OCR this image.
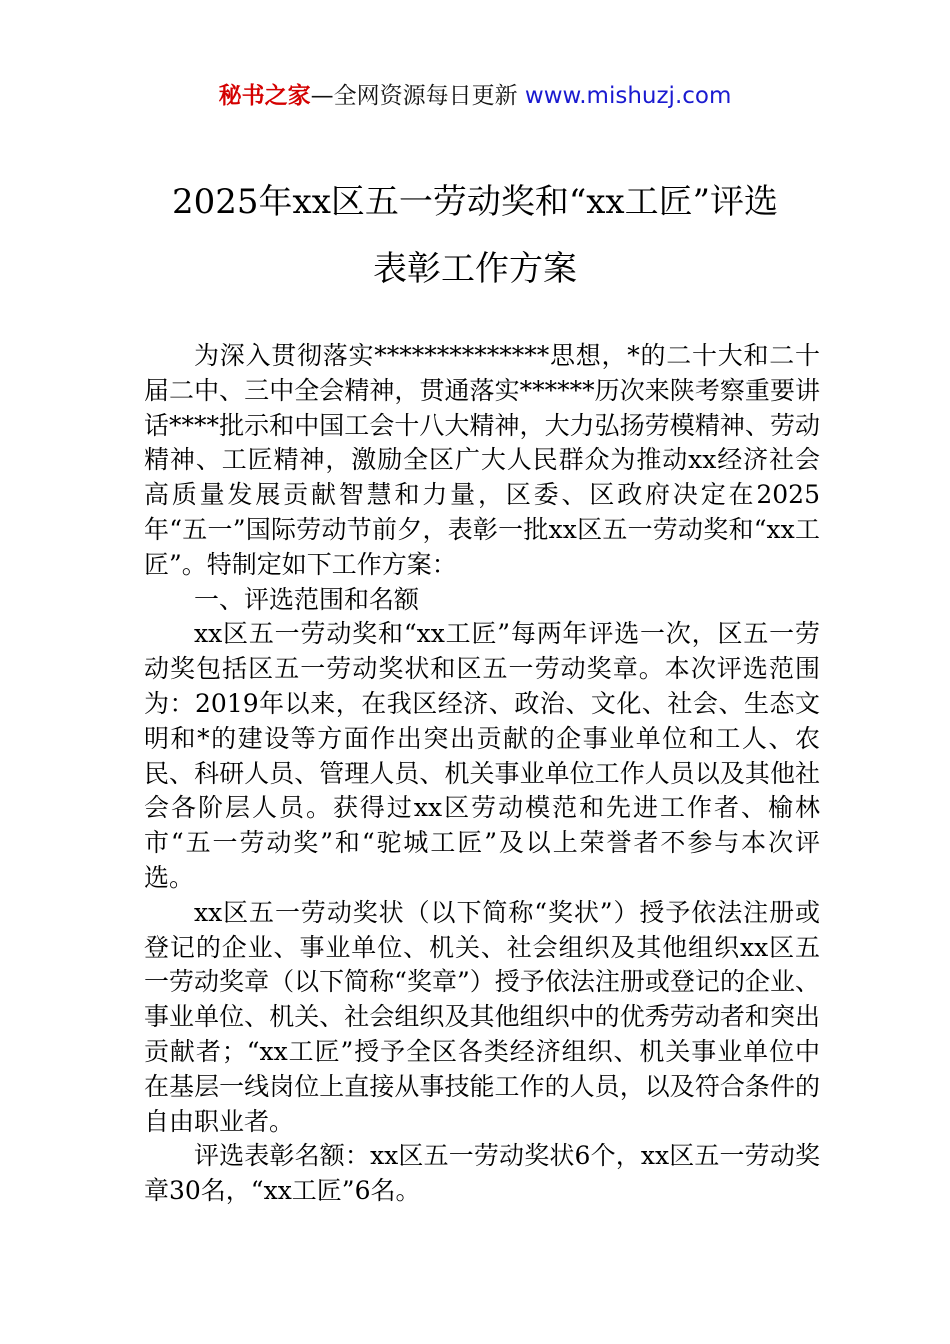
秘书之家—全网资源每日更新 www.mishuzj.com
2025年xx区五一劳动奖和“xx工匠”评选
表彰工作方案

为深入贯彻落实**************思想，*的二十大和二十届二中、三中全会精神，贯通落实******历次来陕考察重要讲话****批示和中国工会十八大精神，大力弘扬劳模精神、劳动精神、工匠精神，激励全区广大人民群众为推动xx经济社会高质量发展贡献智慧和力量，区委、区政府决定在2025年“五一”国际劳动节前夕，表彰一批xx区五一劳动奖和“xx工匠”。特制定如下工作方案：

一、评选范围和名额

xx区五一劳动奖和“xx工匠”每两年评选一次，区五一劳动奖包括区五一劳动奖状和区五一劳动奖章。本次评选范围为：2019年以来，在我区经济、政治、文化、社会、生态文明和*的建设等方面作出突出贡献的企事业单位和工人、农民、科研人员、管理人员、机关事业单位工作人员以及其他社会各阶层人员。获得过xx区劳动模范和先进工作者、榆林市“五一劳动奖”和“驼城工匠”及以上荣誉者不参与本次评选。

xx区五一劳动奖状（以下简称“奖状”）授予依法注册或登记的企业、事业单位、机关、社会组织及其他组织xx区五一劳动奖章（以下简称“奖章”）授予依法注册或登记的企业、事业单位、机关、社会组织及其他组织中的优秀劳动者和突出贡献者；“xx工匠”授予全区各类经济组织、机关事业单位中在基层一线岗位上直接从事技能工作的人员，以及符合条件的自由职业者。

评选表彰名额：xx区五一劳动奖状6个，xx区五一劳动奖章30名，“xx工匠”6名。
